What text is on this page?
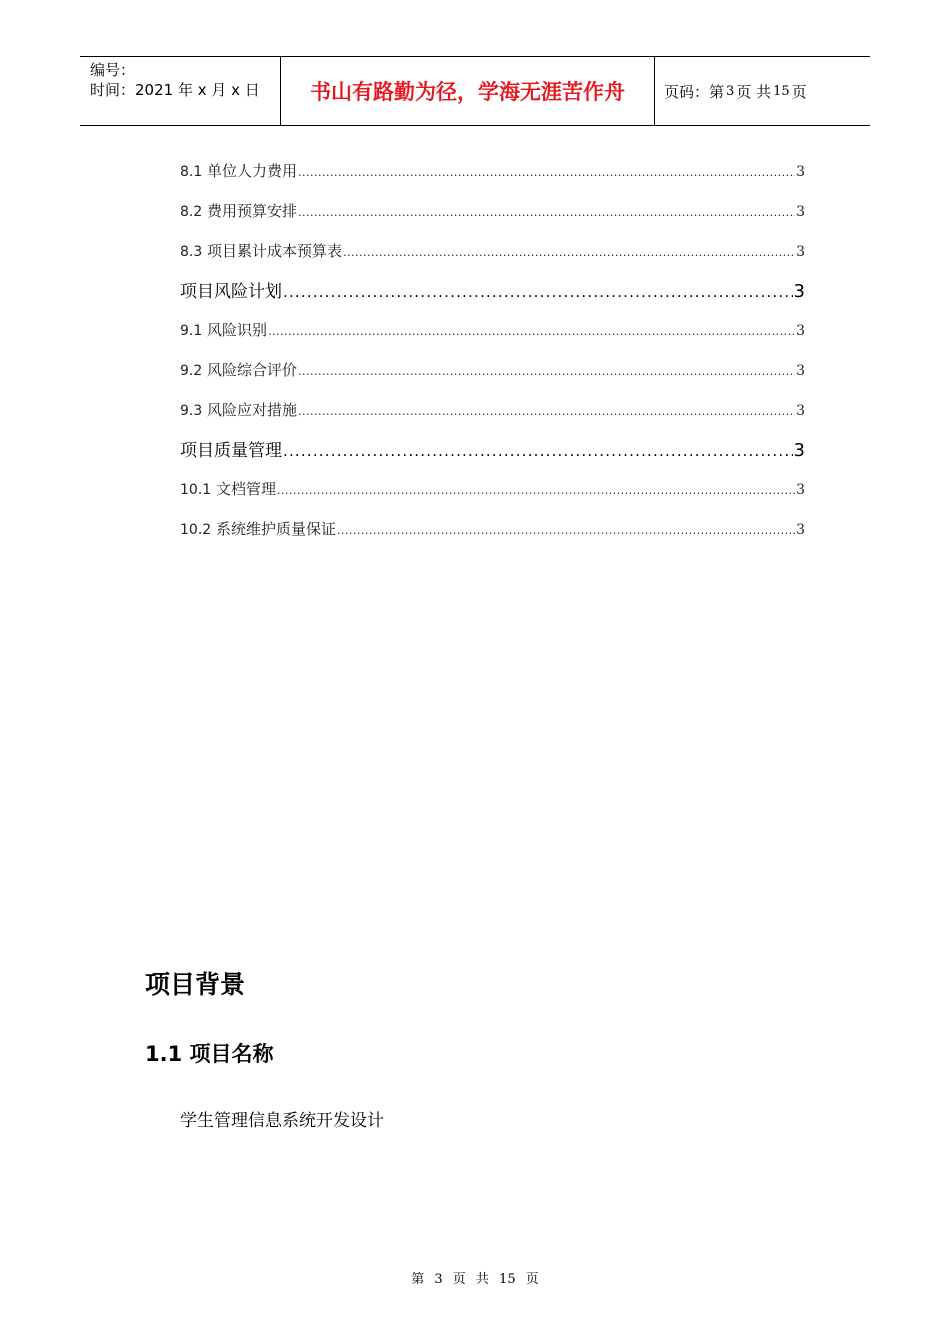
编号：
时间：2021 年 x 月 x 日	书山有路勤为径，学海无涯苦作舟	页码：第 3 页 共 15 页
8.1 单位人力费用 .....	3
8.2 费用预算安排 .....	3
8.3 项目累计成本预算表 .....	3
项目风险计划 .....	3
9.1 风险识别 .....	3
9.2 风险综合评价 .....	3
9.3 风险应对措施 .....	3
项目质量管理 .....	3
10.1 文档管理 .....	3
10.2 系统维护质量保证 .....	3
项目背景
1.1 项目名称
学生管理信息系统开发设计
第 3 页 共 15 页
